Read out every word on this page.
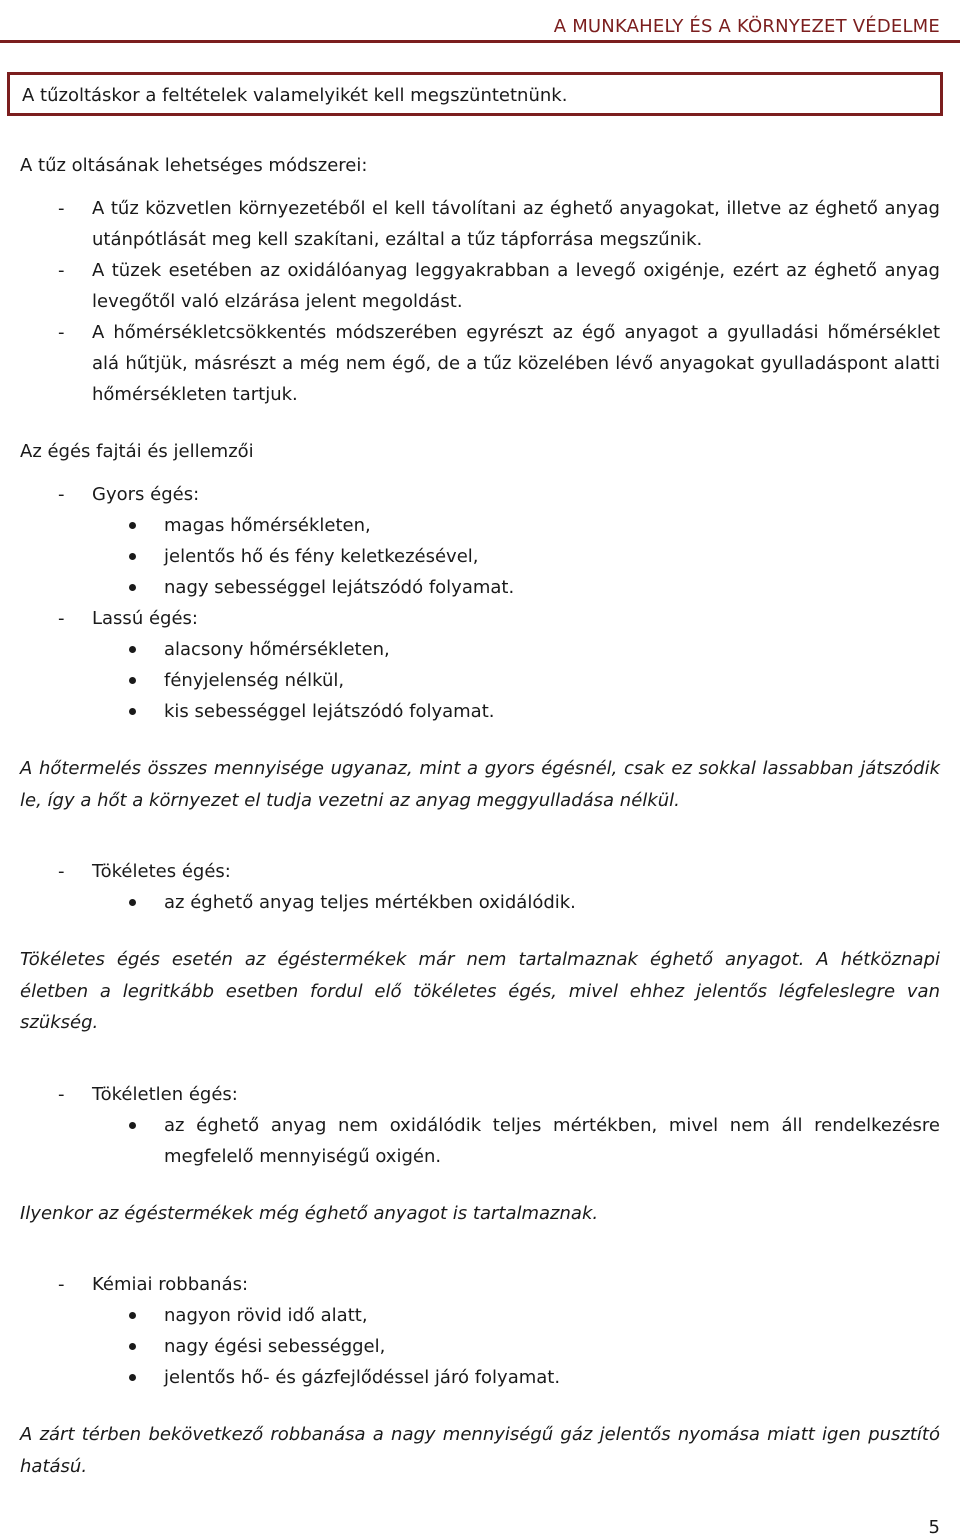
A MUNKAHELY ÉS A KÖRNYEZET VÉDELME
A tűzoltáskor a feltételek valamelyikét kell megszüntetnünk.
A tűz oltásának lehetséges módszerei:
- A tűz közvetlen környezetéből el kell távolítani az éghető anyagokat, illetve az éghető anyag utánpótlását meg kell szakítani, ezáltal a tűz tápforrása megszűnik.
- A tüzek esetében az oxidálóanyag leggyakrabban a levegő oxigénje, ezért az éghető anyag levegőtől való elzárása jelent megoldást.
- A hőmérsékletcsökkentés módszerében egyrészt az égő anyagot a gyulladási hőmérséklet alá hűtjük, másrészt a még nem égő, de a tűz közelében lévő anyagokat gyulladáspont alatti hőmérsékleten tartjuk.
Az égés fajtái és jellemzői
- Gyors égés:
magas hőmérsékleten,
jelentős hő és fény keletkezésével,
nagy sebességgel lejátszódó folyamat.
- Lassú égés:
alacsony hőmérsékleten,
fényjelenség nélkül,
kis sebességgel lejátszódó folyamat.

A hőtermelés összes mennyisége ugyanaz, mint a gyors égésnél, csak ez sokkal lassabban játszódik le, így a hőt a környezet el tudja vezetni az anyag meggyulladása nélkül.

- Tökéletes égés:
az éghető anyag teljes mértékben oxidálódik.

Tökéletes égés esetén az égéstermékek már nem tartalmaznak éghető anyagot. A hétköznapi életben a legritkább esetben fordul elő tökéletes égés, mivel ehhez jelentős légfeleslegre van szükség.

- Tökéletlen égés:
az éghető anyag nem oxidálódik teljes mértékben, mivel nem áll rendelkezésre megfelelő mennyiségű oxigén.

Ilyenkor az égéstermékek még éghető anyagot is tartalmaznak.

- Kémiai robbanás:
nagyon rövid idő alatt,
nagy égési sebességgel,
jelentős hő- és gázfejlődéssel járó folyamat.

A zárt térben bekövetkező robbanása a nagy mennyiségű gáz jelentős nyomása miatt igen pusztító hatású.

5
